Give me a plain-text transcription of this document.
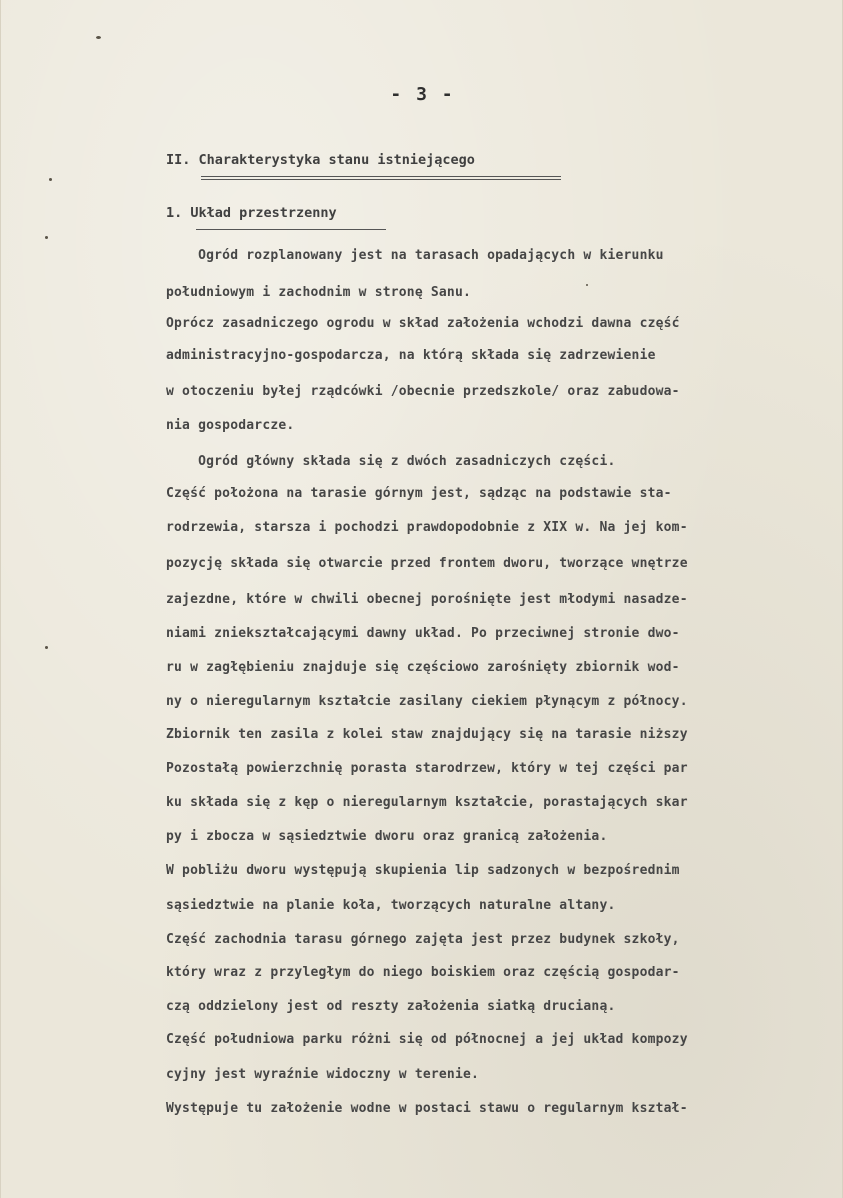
- 3 -
II. Charakterystyka stanu istniejącego
1. Układ przestrzenny
Ogród rozplanowany jest na tarasach opadających w kierunku
południowym i zachodnim w stronę Sanu.
Oprócz zasadniczego ogrodu w skład założenia wchodzi dawna część
administracyjno-gospodarcza, na którą składa się zadrzewienie
w otoczeniu byłej rządcówki /obecnie przedszkole/ oraz zabudowa-
nia gospodarcze.
Ogród główny składa się z dwóch zasadniczych części.
Część położona na tarasie górnym jest, sądząc na podstawie sta-
rodrzewia, starsza i pochodzi prawdopodobnie z XIX w. Na jej kom-
pozycję składa się otwarcie przed frontem dworu, tworzące wnętrze
zajezdne, które w chwili obecnej porośnięte jest młodymi nasadze-
niami zniekształcającymi dawny układ. Po przeciwnej stronie dwo-
ru w zagłębieniu znajduje się częściowo zarośnięty zbiornik wod-
ny o nieregularnym kształcie zasilany ciekiem płynącym z północy.
Zbiornik ten zasila z kolei staw znajdujący się na tarasie niższy
Pozostałą powierzchnię porasta starodrzew, który w tej części par
ku składa się z kęp o nieregularnym kształcie, porastających skar
py i zbocza w sąsiedztwie dworu oraz granicą założenia.
W pobliżu dworu występują skupienia lip sadzonych w bezpośrednim
sąsiedztwie na planie koła, tworzących naturalne altany.
Część zachodnia tarasu górnego zajęta jest przez budynek szkoły,
który wraz z przyległym do niego boiskiem oraz częścią gospodar-
czą oddzielony jest od reszty założenia siatką drucianą.
Część południowa parku różni się od północnej a jej układ kompozy
cyjny jest wyraźnie widoczny w terenie.
Występuje tu założenie wodne w postaci stawu o regularnym kształ-
